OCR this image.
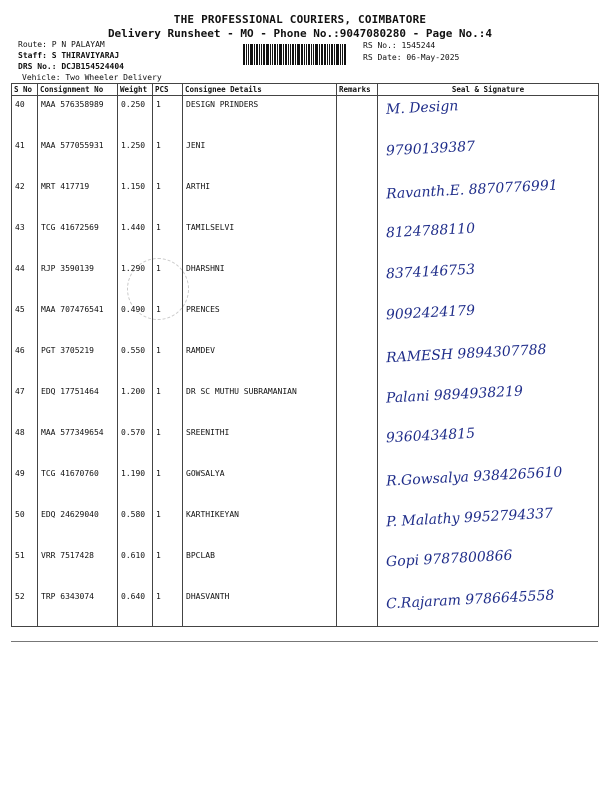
THE PROFESSIONAL COURIERS, COIMBATORE
Delivery Runsheet - MO - Phone No.:9047080280 - Page No.:4
Route: P N PALAYAM
Staff: S THIRAVIYARAJ
DRS No.: DCJB154524404
Vehicle: Two Wheeler Delivery
RS No.: 1545244
RS Date: 06-May-2025
S No	Consignment No	Weight	PCS	Consignee Details	Remarks	Seal & Signature
40	MAA 576358989	0.250	1	DESIGN PRINDERS		M. Design

41	MAA 577055931	1.250	1	JENI		9790139387

42	MRT 417719	1.150	1	ARTHI		Ravanth.E. 8870776991

43	TCG 41672569	1.440	1	TAMILSELVI		8124788110

44	RJP 3590139	1.290	1	DHARSHNI		8374146753

45	MAA 707476541	0.490	1	PRENCES		9092424179

46	PGT 3705219	0.550	1	RAMDEV		RAMESH 9894307788

47	EDQ 17751464	1.200	1	DR SC MUTHU SUBRAMANIAN		Palani 9894938219

48	MAA 577349654	0.570	1	SREENITHI		9360434815

49	TCG 41670760	1.190	1	GOWSALYA		R.Gowsalya 9384265610

50	EDQ 24629040	0.580	1	KARTHIKEYAN		P. Malathy 9952794337

51	VRR 7517428	0.610	1	BPCLAB		Gopi 9787800866

52	TRP 6343074	0.640	1	DHASVANTH		C.Rajaram 9786645558
